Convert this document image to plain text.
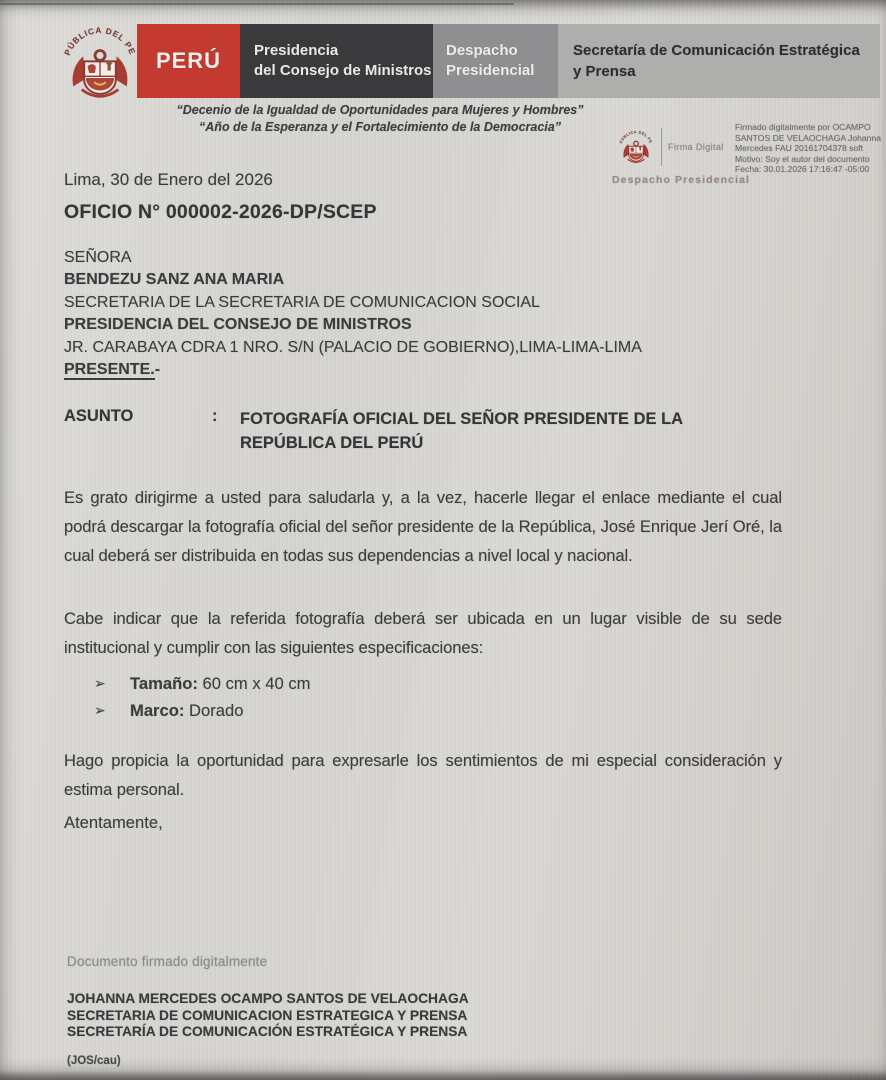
PERÚ Presidencia
del Consejo de Ministros
Despacho
Presidencial
Secretaría de Comunicación Estratégica
y Prensa
“Decenio de la Igualdad de Oportunidades para Mujeres y Hombres”
“Año de la Esperanza y el Fortalecimiento de la Democracia”
Firma Digital
Despacho Presidencial
Firmado digitalmente por OCAMPO
SANTOS DE VELAOCHAGA Johanna
Mercedes FAU 20161704378 soft
Motivo: Soy el autor del documento
Fecha: 30.01.2026 17:16:47 -05:00
Lima, 30 de Enero del 2026
OFICIO N° 000002-2026-DP/SCEP
SEÑORA
BENDEZU SANZ ANA MARIA
SECRETARIA DE LA SECRETARIA DE COMUNICACION SOCIAL
PRESIDENCIA DEL CONSEJO DE MINISTROS
JR. CARABAYA CDRA 1 NRO. S/N (PALACIO DE GOBIERNO),LIMA-LIMA-LIMA
PRESENTE.-
ASUNTO	:	FOTOGRAFÍA OFICIAL DEL SEÑOR PRESIDENTE DE LA REPÚBLICA DEL PERÚ
Es grato dirigirme a usted para saludarla y, a la vez, hacerle llegar el enlace mediante el cual podrá descargar la fotografía oficial del señor presidente de la República, José Enrique Jerí Oré, la cual deberá ser distribuida en todas sus dependencias a nivel local y nacional.
Cabe indicar que la referida fotografía deberá ser ubicada en un lugar visible de su sede institucional y cumplir con las siguientes especificaciones:
➢	Tamaño: 60 cm x 40 cm
➢	Marco: Dorado
Hago propicia la oportunidad para expresarle los sentimientos de mi especial consideración y estima personal.
Atentamente,
Documento firmado digitalmente
JOHANNA MERCEDES OCAMPO SANTOS DE VELAOCHAGA
SECRETARIA DE COMUNICACION ESTRATEGICA Y PRENSA
SECRETARÍA DE COMUNICACIÓN ESTRATÉGICA Y PRENSA
(JOS/cau)
